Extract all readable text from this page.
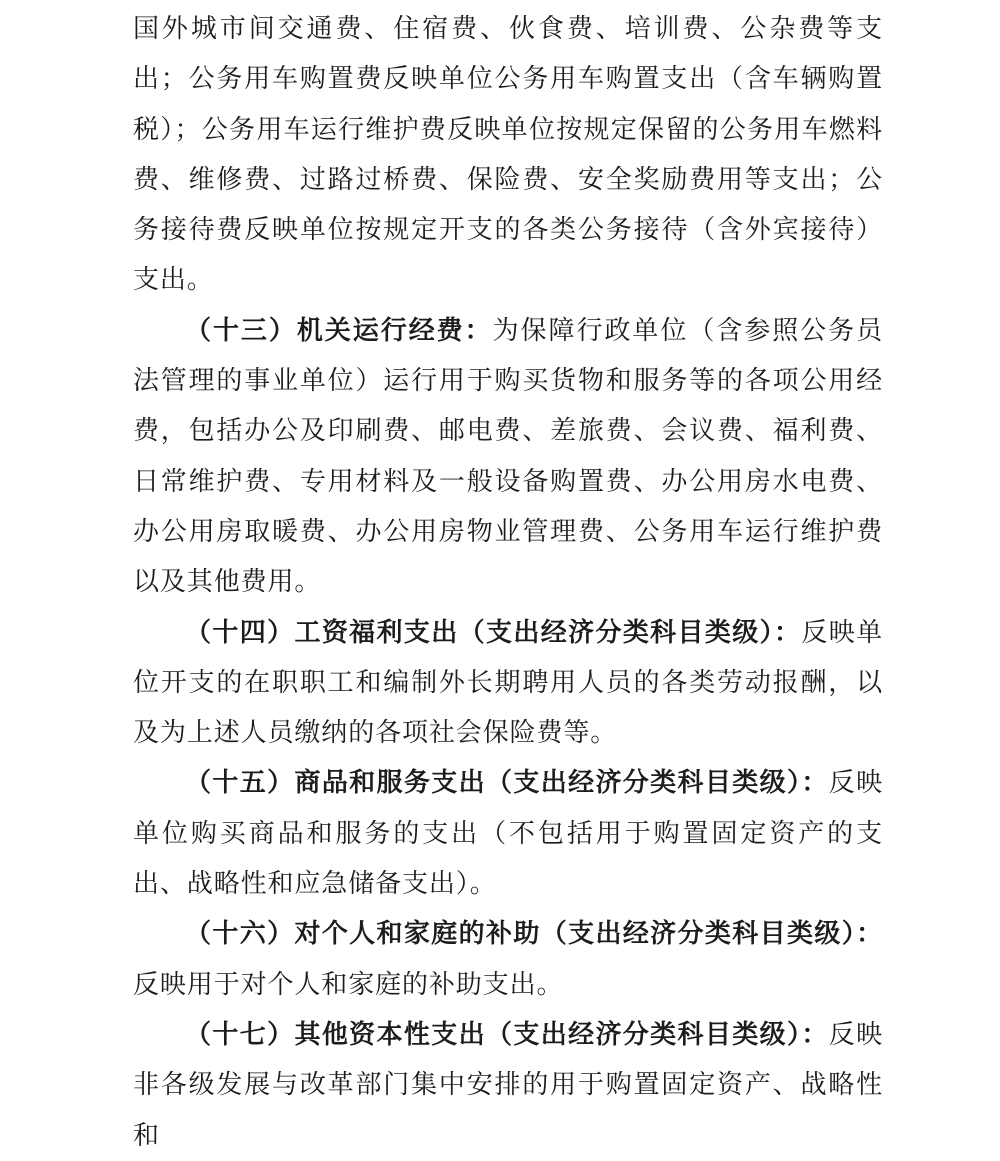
国外城市间交通费、住宿费、伙食费、培训费、公杂费等支出；公务用车购置费反映单位公务用车购置支出（含车辆购置税）；公务用车运行维护费反映单位按规定保留的公务用车燃料费、维修费、过路过桥费、保险费、安全奖励费用等支出；公务接待费反映单位按规定开支的各类公务接待（含外宾接待）支出。

（十三）机关运行经费：为保障行政单位（含参照公务员法管理的事业单位）运行用于购买货物和服务等的各项公用经费，包括办公及印刷费、邮电费、差旅费、会议费、福利费、日常维护费、专用材料及一般设备购置费、办公用房水电费、办公用房取暖费、办公用房物业管理费、公务用车运行维护费以及其他费用。

（十四）工资福利支出（支出经济分类科目类级）：反映单位开支的在职职工和编制外长期聘用人员的各类劳动报酬，以及为上述人员缴纳的各项社会保险费等。

（十五）商品和服务支出（支出经济分类科目类级）：反映单位购买商品和服务的支出（不包括用于购置固定资产的支出、战略性和应急储备支出）。

（十六）对个人和家庭的补助（支出经济分类科目类级）：反映用于对个人和家庭的补助支出。

（十七）其他资本性支出（支出经济分类科目类级）：反映非各级发展与改革部门集中安排的用于购置固定资产、战略性和
